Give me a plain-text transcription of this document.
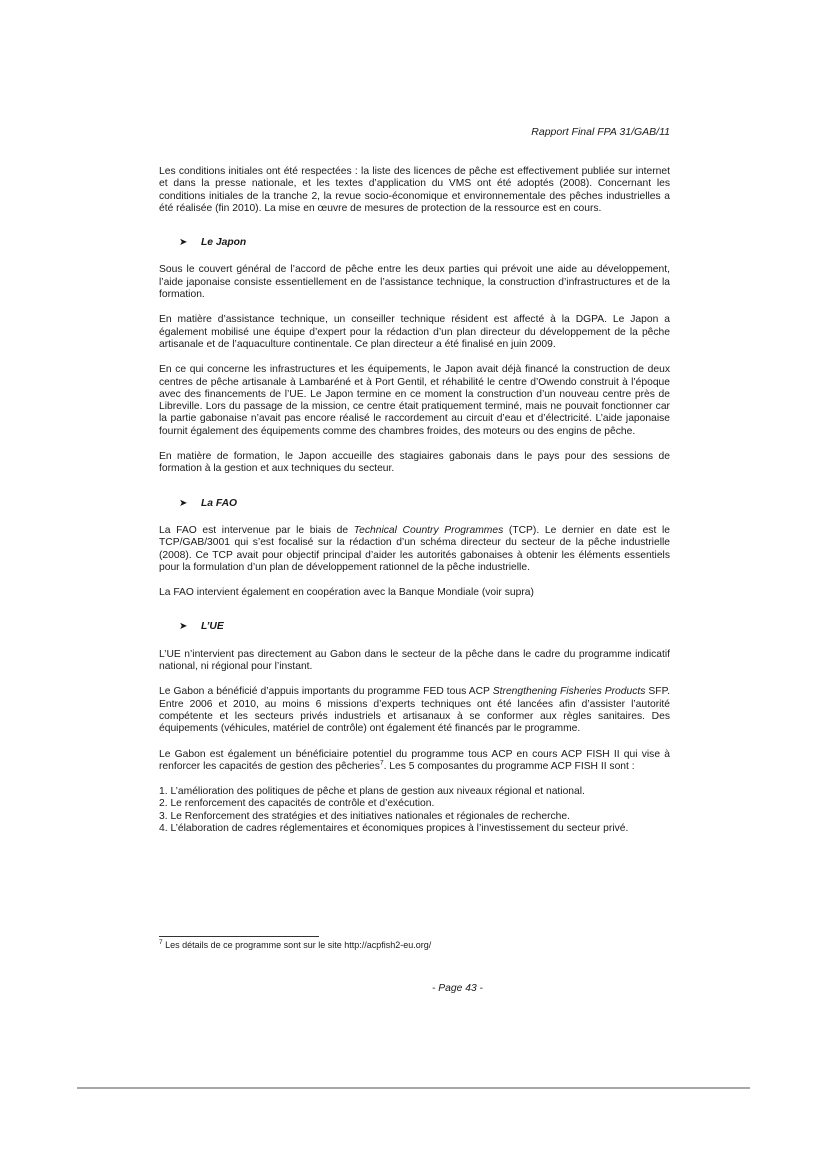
Rapport Final FPA 31/GAB/11

Les conditions initiales ont été respectées : la liste des licences de pêche est effectivement publiée sur internet et dans la presse nationale, et les textes d’application du VMS ont été adoptés (2008). Concernant les conditions initiales de la tranche 2, la revue socio-économique et environnementale des pêches industrielles a été réalisée (fin 2010). La mise en œuvre de mesures de protection de la ressource est en cours.

➤	Le Japon

Sous le couvert général de l’accord de pêche entre les deux parties qui prévoit une aide au développement, l’aide japonaise consiste essentiellement en de l’assistance technique, la construction d’infrastructures et de la formation.

En matière d’assistance technique, un conseiller technique résident est affecté à la DGPA. Le Japon a également mobilisé une équipe d’expert pour la rédaction d’un plan directeur du développement de la pêche artisanale et de l’aquaculture continentale. Ce plan directeur a été finalisé en juin 2009.

En ce qui concerne les infrastructures et les équipements, le Japon avait déjà financé la construction de deux centres de pêche artisanale à Lambaréné et à Port Gentil, et réhabilité le centre d’Owendo construit à l’époque avec des financements de l’UE. Le Japon termine en ce moment la construction d’un nouveau centre près de Libreville. Lors du passage de la mission, ce centre était pratiquement terminé, mais ne pouvait fonctionner car la partie gabonaise n’avait pas encore réalisé le raccordement au circuit d’eau et d’électricité. L’aide japonaise fournit également des équipements comme des chambres froides, des moteurs ou des engins de pêche.

En matière de formation, le Japon accueille des stagiaires gabonais dans le pays pour des sessions de formation à la gestion et aux techniques du secteur.

➤	La FAO

La FAO est intervenue par le biais de Technical Country Programmes (TCP). Le dernier en date est le TCP/GAB/3001 qui s’est focalisé sur la rédaction d’un schéma directeur du secteur de la pêche industrielle (2008). Ce TCP avait pour objectif principal d’aider les autorités gabonaises à obtenir les éléments essentiels pour la formulation d’un plan de développement rationnel de la pêche industrielle.

La FAO intervient également en coopération avec la Banque Mondiale (voir supra)

➤	L’UE

L’UE n’intervient pas directement au Gabon dans le secteur de la pêche dans le cadre du programme indicatif national, ni régional pour l’instant.

Le Gabon a bénéficié d’appuis importants du programme FED tous ACP Strengthening Fisheries Products SFP. Entre 2006 et 2010, au moins 6 missions d’experts techniques ont été lancées afin d’assister l’autorité compétente et les secteurs privés industriels et artisanaux à se conformer aux règles sanitaires. Des équipements (véhicules, matériel de contrôle) ont également été financés par le programme.

Le Gabon est également un bénéficiaire potentiel du programme tous ACP en cours ACP FISH II qui vise à renforcer les capacités de gestion des pêcheries$^7$. Les 5 composantes du programme ACP FISH II sont :

1. L’amélioration des politiques de pêche et plans de gestion aux niveaux régional et national.
2. Le renforcement des capacités de contrôle et d’exécution.
3. Le Renforcement des stratégies et des initiatives nationales et régionales de recherche.
4. L’élaboration de cadres réglementaires et économiques propices à l’investissement du secteur privé.
$^7$ Les détails de ce programme sont sur le site http://acpfish2-eu.org/
- Page 43 -
